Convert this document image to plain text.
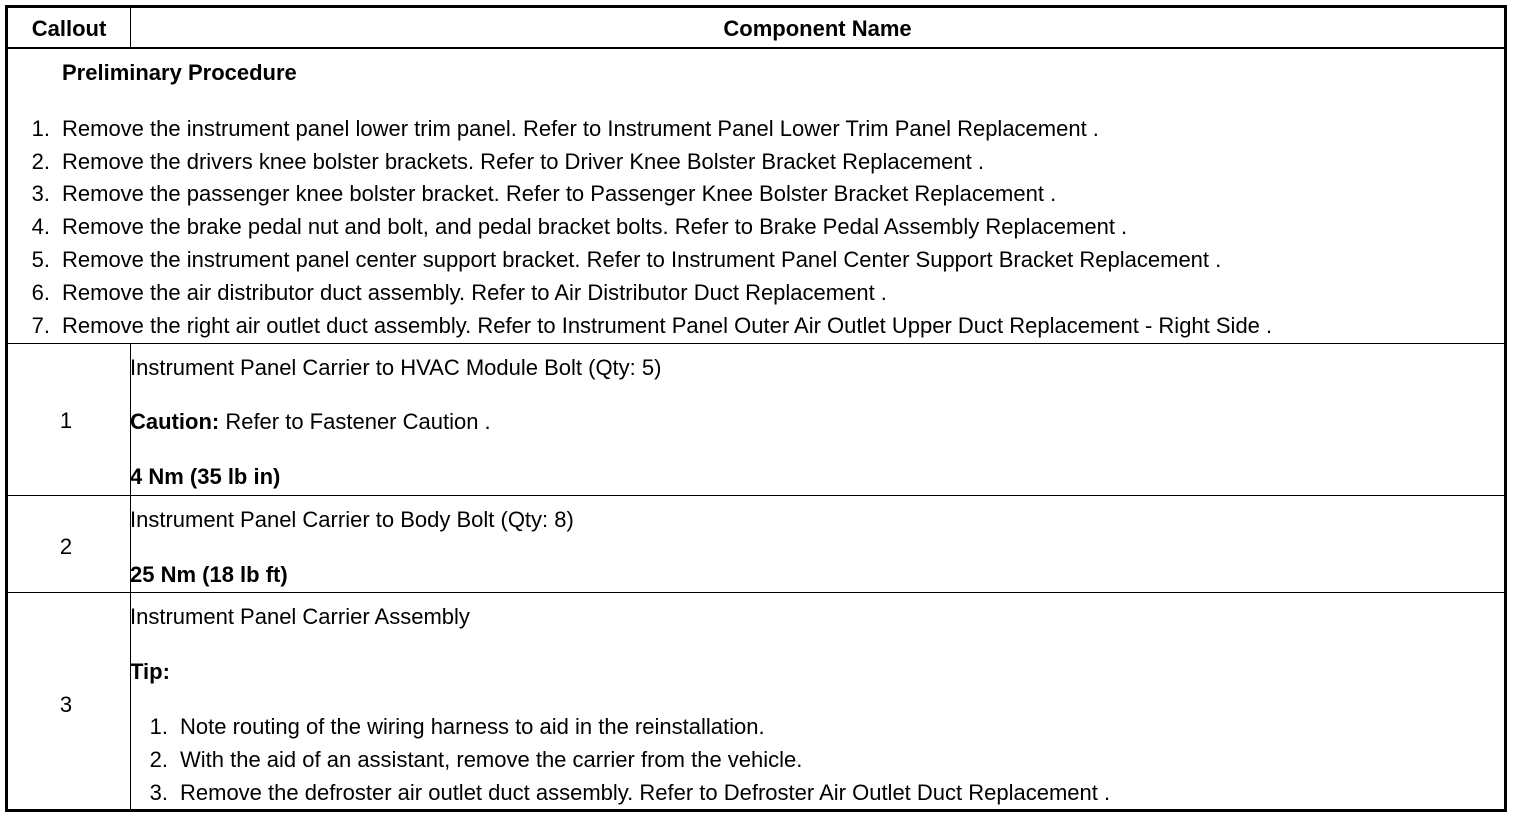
Callout	Component Name
Preliminary Procedure
1. Remove the instrument panel lower trim panel. Refer to Instrument Panel Lower Trim Panel Replacement .
2. Remove the drivers knee bolster brackets. Refer to Driver Knee Bolster Bracket Replacement .
3. Remove the passenger knee bolster bracket. Refer to Passenger Knee Bolster Bracket Replacement .
4. Remove the brake pedal nut and bolt, and pedal bracket bolts. Refer to Brake Pedal Assembly Replacement .
5. Remove the instrument panel center support bracket. Refer to Instrument Panel Center Support Bracket Replacement .
6. Remove the air distributor duct assembly. Refer to Air Distributor Duct Replacement .
7. Remove the right air outlet duct assembly. Refer to Instrument Panel Outer Air Outlet Upper Duct Replacement - Right Side .
1
Instrument Panel Carrier to HVAC Module Bolt (Qty: 5)
Caution: Refer to Fastener Caution .
4 Nm (35 lb in)
2
Instrument Panel Carrier to Body Bolt (Qty: 8)
25 Nm (18 lb ft)
3
Instrument Panel Carrier Assembly
Tip:
1. Note routing of the wiring harness to aid in the reinstallation.
2. With the aid of an assistant, remove the carrier from the vehicle.
3. Remove the defroster air outlet duct assembly. Refer to Defroster Air Outlet Duct Replacement .
